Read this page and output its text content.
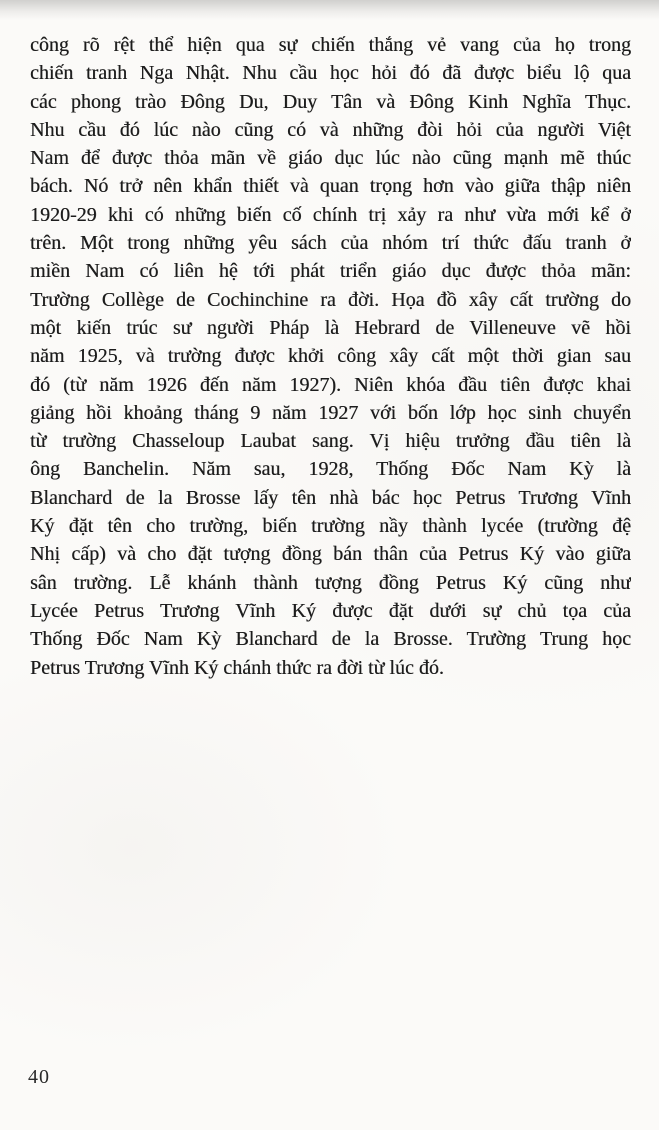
công rõ rệt thể hiện qua sự chiến thắng vẻ vang của họ trong
chiến tranh Nga Nhật. Nhu cầu học hỏi đó đã được biểu lộ qua
các phong trào Đông Du, Duy Tân và Đông Kinh Nghĩa Thục.
Nhu cầu đó lúc nào cũng có và những đòi hỏi của người Việt
Nam để được thỏa mãn về giáo dục lúc nào cũng mạnh mẽ thúc
bách. Nó trở nên khẩn thiết và quan trọng hơn vào giữa thập niên
1920-29 khi có những biến cố chính trị xảy ra như vừa mới kể ở
trên. Một trong những yêu sách của nhóm trí thức đấu tranh ở
miền Nam có liên hệ tới phát triển giáo dục được thỏa mãn:
Trường Collège de Cochinchine ra đời. Họa đồ xây cất trường do
một kiến trúc sư người Pháp là Hebrard de Villeneuve vẽ hồi
năm 1925, và trường được khởi công xây cất một thời gian sau
đó (từ năm 1926 đến năm 1927). Niên khóa đầu tiên được khai
giảng hồi khoảng tháng 9 năm 1927 với bốn lớp học sinh chuyển
từ trường Chasseloup Laubat sang. Vị hiệu trưởng đầu tiên là
ông Banchelin. Năm sau, 1928, Thống Đốc Nam Kỳ là
Blanchard de la Brosse lấy tên nhà bác học Petrus Trương Vĩnh
Ký đặt tên cho trường, biến trường nầy thành lycée (trường đệ
Nhị cấp) và cho đặt tượng đồng bán thân của Petrus Ký vào giữa
sân trường. Lễ khánh thành tượng đồng Petrus Ký cũng như
Lycée Petrus Trương Vĩnh Ký được đặt dưới sự chủ tọa của
Thống Đốc Nam Kỳ Blanchard de la Brosse. Trường Trung học
Petrus Trương Vĩnh Ký chánh thức ra đời từ lúc đó.
40
